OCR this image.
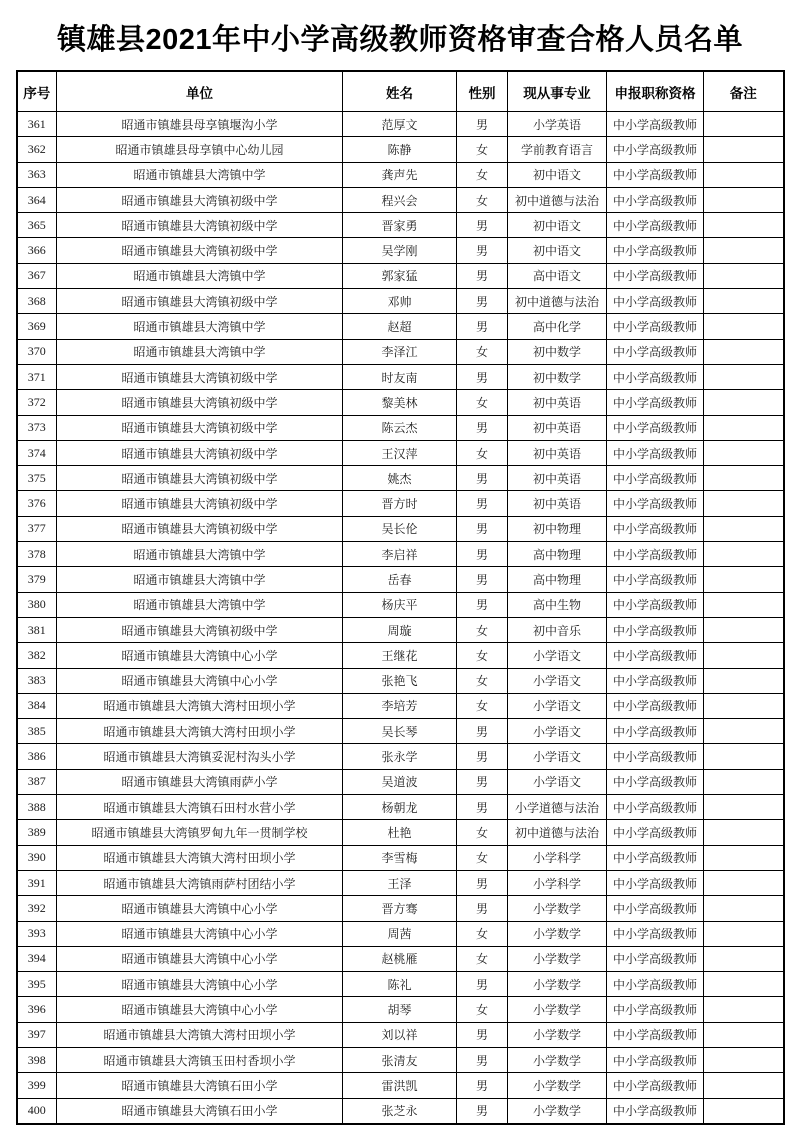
镇雄县2021年中小学高级教师资格审查合格人员名单
序号	单位	姓名	性别	现从事专业	申报职称资格	备注
361	昭通市镇雄县母享镇堰沟小学	范厚文	男	小学英语	中小学高级教师	
362	昭通市镇雄县母享镇中心幼儿园	陈静	女	学前教育语言	中小学高级教师	
363	昭通市镇雄县大湾镇中学	龚声先	女	初中语文	中小学高级教师	
364	昭通市镇雄县大湾镇初级中学	程兴会	女	初中道德与法治	中小学高级教师	
365	昭通市镇雄县大湾镇初级中学	晋家勇	男	初中语文	中小学高级教师	
366	昭通市镇雄县大湾镇初级中学	吴学刚	男	初中语文	中小学高级教师	
367	昭通市镇雄县大湾镇中学	郭家猛	男	高中语文	中小学高级教师	
368	昭通市镇雄县大湾镇初级中学	邓帅	男	初中道德与法治	中小学高级教师	
369	昭通市镇雄县大湾镇中学	赵超	男	高中化学	中小学高级教师	
370	昭通市镇雄县大湾镇中学	李泽江	女	初中数学	中小学高级教师	
371	昭通市镇雄县大湾镇初级中学	时友南	男	初中数学	中小学高级教师	
372	昭通市镇雄县大湾镇初级中学	黎美林	女	初中英语	中小学高级教师	
373	昭通市镇雄县大湾镇初级中学	陈云杰	男	初中英语	中小学高级教师	
374	昭通市镇雄县大湾镇初级中学	王汉萍	女	初中英语	中小学高级教师	
375	昭通市镇雄县大湾镇初级中学	姚杰	男	初中英语	中小学高级教师	
376	昭通市镇雄县大湾镇初级中学	晋方时	男	初中英语	中小学高级教师	
377	昭通市镇雄县大湾镇初级中学	吴长伦	男	初中物理	中小学高级教师	
378	昭通市镇雄县大湾镇中学	李启祥	男	高中物理	中小学高级教师	
379	昭通市镇雄县大湾镇中学	岳春	男	高中物理	中小学高级教师	
380	昭通市镇雄县大湾镇中学	杨庆平	男	高中生物	中小学高级教师	
381	昭通市镇雄县大湾镇初级中学	周璇	女	初中音乐	中小学高级教师	
382	昭通市镇雄县大湾镇中心小学	王继花	女	小学语文	中小学高级教师	
383	昭通市镇雄县大湾镇中心小学	张艳飞	女	小学语文	中小学高级教师	
384	昭通市镇雄县大湾镇大湾村田坝小学	李培芳	女	小学语文	中小学高级教师	
385	昭通市镇雄县大湾镇大湾村田坝小学	吴长琴	男	小学语文	中小学高级教师	
386	昭通市镇雄县大湾镇妥泥村沟头小学	张永学	男	小学语文	中小学高级教师	
387	昭通市镇雄县大湾镇雨萨小学	吴道波	男	小学语文	中小学高级教师	
388	昭通市镇雄县大湾镇石田村水营小学	杨朝龙	男	小学道德与法治	中小学高级教师	
389	昭通市镇雄县大湾镇罗甸九年一贯制学校	杜艳	女	初中道德与法治	中小学高级教师	
390	昭通市镇雄县大湾镇大湾村田坝小学	李雪梅	女	小学科学	中小学高级教师	
391	昭通市镇雄县大湾镇雨萨村团结小学	王泽	男	小学科学	中小学高级教师	
392	昭通市镇雄县大湾镇中心小学	晋方骞	男	小学数学	中小学高级教师	
393	昭通市镇雄县大湾镇中心小学	周茜	女	小学数学	中小学高级教师	
394	昭通市镇雄县大湾镇中心小学	赵桃雁	女	小学数学	中小学高级教师	
395	昭通市镇雄县大湾镇中心小学	陈礼	男	小学数学	中小学高级教师	
396	昭通市镇雄县大湾镇中心小学	胡琴	女	小学数学	中小学高级教师	
397	昭通市镇雄县大湾镇大湾村田坝小学	刘以祥	男	小学数学	中小学高级教师	
398	昭通市镇雄县大湾镇玉田村香坝小学	张清友	男	小学数学	中小学高级教师	
399	昭通市镇雄县大湾镇石田小学	雷洪凯	男	小学数学	中小学高级教师	
400	昭通市镇雄县大湾镇石田小学	张芝永	男	小学数学	中小学高级教师	
